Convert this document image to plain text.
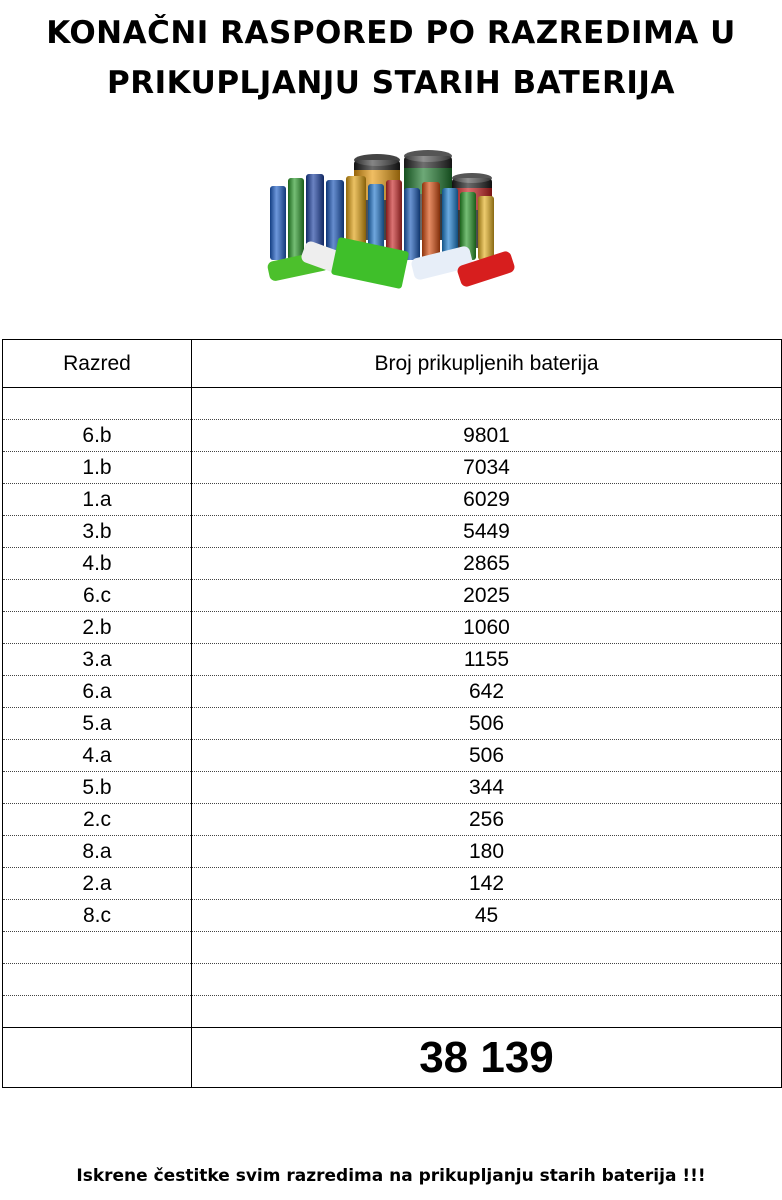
KONAČNI RASPORED PO RAZREDIMA U
PRIKUPLJANJU STARIH BATERIJA
Razred	Broj prikupljenih baterija

6.b	9801
1.b	7034
1.a	6029
3.b	5449
4.b	2865
6.c	2025
2.b	1060
3.a	1155
6.a	642
5.a	506
4.a	506
5.b	344
2.c	256
8.a	180
2.a	142
8.c	45

	38 139
Iskrene čestitke svim razredima na prikupljanju starih baterija !!!
